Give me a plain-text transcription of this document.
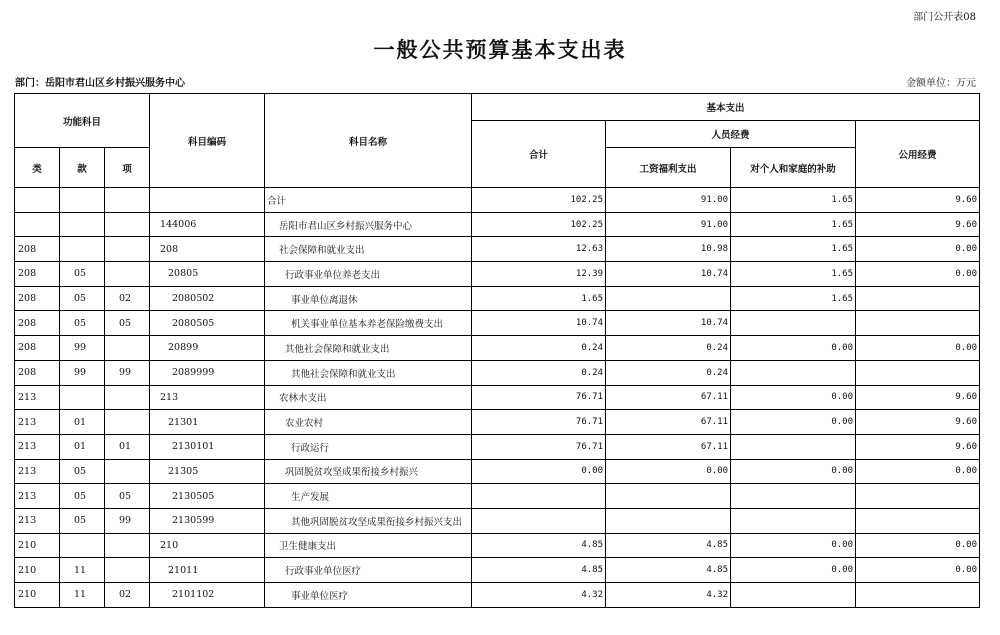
部门公开表08
一般公共预算基本支出表
部门：岳阳市君山区乡村振兴服务中心	金额单位：万元
功能科目			科目编码	科目名称	基本支出			
					合计	人员经费		公用经费
类	款	项				工资福利支出	对个人和家庭的补助	
				合计	102.25	91.00	1.65	9.60
			144006	岳阳市君山区乡村振兴服务中心	102.25	91.00	1.65	9.60
208			208	社会保障和就业支出	12.63	10.98	1.65	0.00
208	05		20805	行政事业单位养老支出	12.39	10.74	1.65	0.00
208	05	02	2080502	事业单位离退休	1.65		1.65	
208	05	05	2080505	机关事业单位基本养老保险缴费支出	10.74	10.74		
208	99		20899	其他社会保障和就业支出	0.24	0.24	0.00	0.00
208	99	99	2089999	其他社会保障和就业支出	0.24	0.24		
213			213	农林水支出	76.71	67.11	0.00	9.60
213	01		21301	农业农村	76.71	67.11	0.00	9.60
213	01	01	2130101	行政运行	76.71	67.11		9.60
213	05		21305	巩固脱贫攻坚成果衔接乡村振兴	0.00	0.00	0.00	0.00
213	05	05	2130505	生产发展				
213	05	99	2130599	其他巩固脱贫攻坚成果衔接乡村振兴支出				
210			210	卫生健康支出	4.85	4.85	0.00	0.00
210	11		21011	行政事业单位医疗	4.85	4.85	0.00	0.00
210	11	02	2101102	事业单位医疗	4.32	4.32		
